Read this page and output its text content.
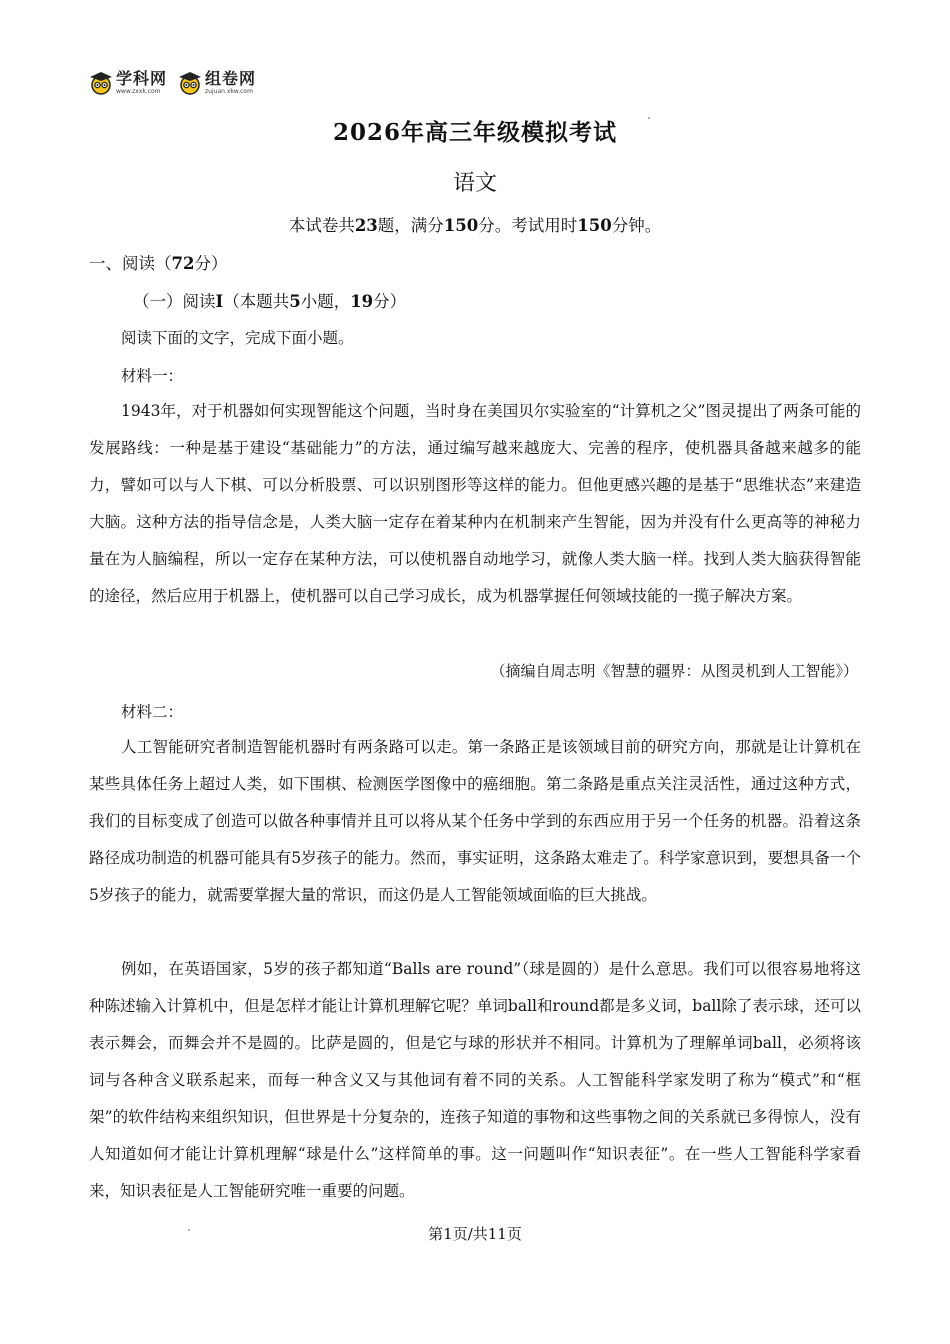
学科网
www.zxxk.com
组卷网
zujuan.xkw.com
2026年高三年级模拟考试
语文
本试卷共23题，满分150分。考试用时150分钟。
一、阅读（72分）
（一）阅读I（本题共5小题，19分）
阅读下面的文字，完成下面小题。
材料一：

1943年，对于机器如何实现智能这个问题，当时身在美国贝尔实验室的“计算机之父”图灵提出了两条可能的发展路线：一种是基于建设“基础能力”的方法，通过编写越来越庞大、完善的程序，使机器具备越来越多的能力，譬如可以与人下棋、可以分析股票、可以识别图形等这样的能力。但他更感兴趣的是基于“思维状态”来建造大脑。这种方法的指导信念是，人类大脑一定存在着某种内在机制来产生智能，因为并没有什么更高等的神秘力量在为人脑编程，所以一定存在某种方法，可以使机器自动地学习，就像人类大脑一样。找到人类大脑获得智能的途径，然后应用于机器上，使机器可以自己学习成长，成为机器掌握任何领域技能的一揽子解决方案。

（摘编自周志明《智慧的疆界：从图灵机到人工智能》）
材料二：

人工智能研究者制造智能机器时有两条路可以走。第一条路正是该领域目前的研究方向，那就是让计算机在某些具体任务上超过人类，如下围棋、检测医学图像中的癌细胞。第二条路是重点关注灵活性，通过这种方式，我们的目标变成了创造可以做各种事情并且可以将从某个任务中学到的东西应用于另一个任务的机器。沿着这条路径成功制造的机器可能具有5岁孩子的能力。然而，事实证明，这条路太难走了。科学家意识到，要想具备一个5岁孩子的能力，就需要掌握大量的常识，而这仍是人工智能领域面临的巨大挑战。

例如，在英语国家，5岁的孩子都知道“Balls are round”（球是圆的）是什么意思。我们可以很容易地将这种陈述输入计算机中，但是怎样才能让计算机理解它呢？单词ball和round都是多义词，ball除了表示球，还可以表示舞会，而舞会并不是圆的。比萨是圆的，但是它与球的形状并不相同。计算机为了理解单词ball，必须将该词与各种含义联系起来，而每一种含义又与其他词有着不同的关系。人工智能科学家发明了称为“模式”和“框架”的软件结构来组织知识，但世界是十分复杂的，连孩子知道的事物和这些事物之间的关系就已多得惊人，没有人知道如何才能让计算机理解“球是什么”这样简单的事。这一问题叫作“知识表征”。在一些人工智能科学家看来，知识表征是人工智能研究唯一重要的问题。

第1页/共11页
